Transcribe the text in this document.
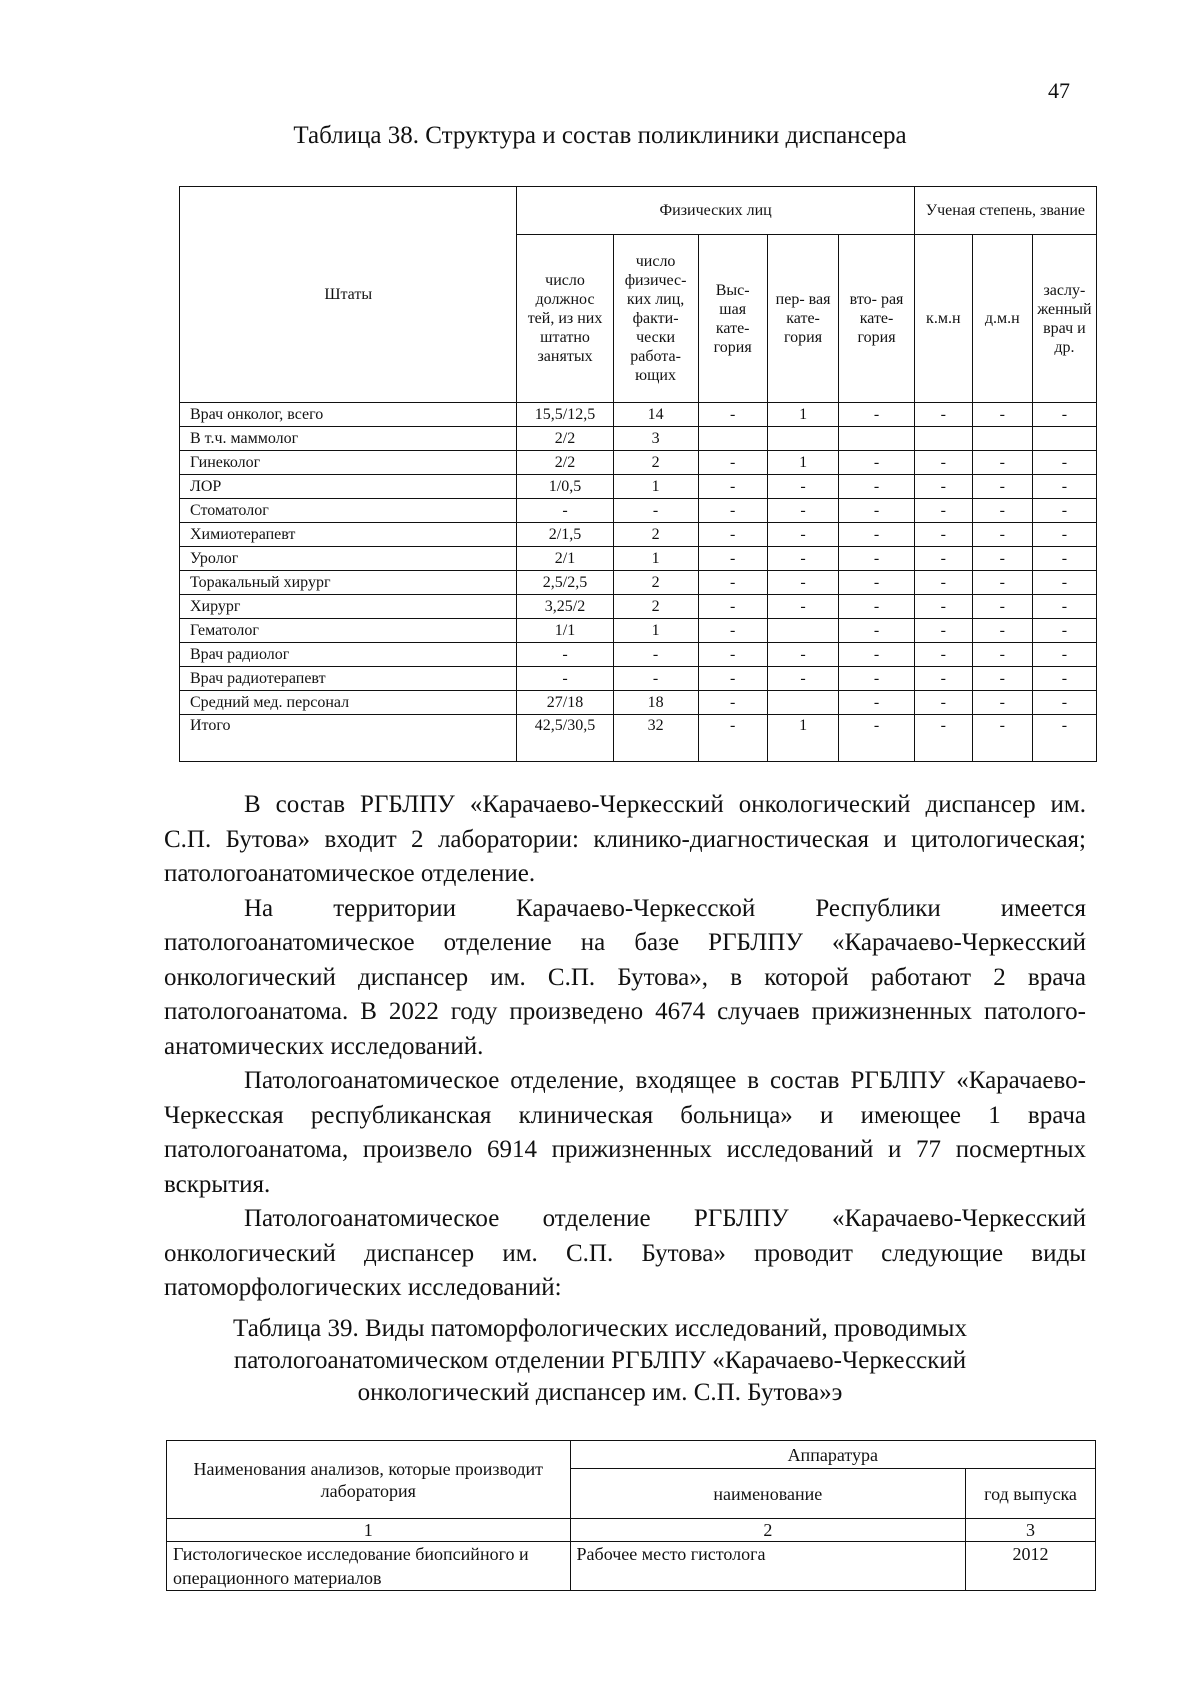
47
Таблица 38. Структура и состав поликлиники диспансера
Штаты	Физических лиц					Ученая степень, звание		
	число должнос тей, из них штатно занятых	число физичес- ких лиц, факти- чески работа- ющих	Выс- шая кате- гория	пер- вая кате- гория	вто- рая кате- гория	к.м.н	д.м.н	заслу- женный врач и др.
Врач онколог, всего	15,5/12,5	14	-	1	-	-	-	-
В т.ч. маммолог	2/2	3						
Гинеколог	2/2	2	-	1	-	-	-	-
ЛОР	1/0,5	1	-	-	-	-	-	-
Стоматолог	-	-	-	-	-	-	-	-
Химиотерапевт	2/1,5	2	-	-	-	-	-	-
Уролог	2/1	1	-	-	-	-	-	-
Торакальный хирург	2,5/2,5	2	-	-	-	-	-	-
Хирург	3,25/2	2	-	-	-	-	-	-
Гематолог	1/1	1	-		-	-	-	-
Врач радиолог	-	-	-	-	-	-	-	-
Врач радиотерапевт	-	-	-	-	-	-	-	-
Средний мед. персонал	27/18	18	-		-	-	-	-
Итого	42,5/30,5	32	-	1	-	-	-	-

В состав РГБЛПУ «Карачаево-Черкесский онкологический диспансер им. С.П. Бутова» входит 2 лаборатории: клинико-диагностическая и цитологическая; патологоанатомическое отделение.

На территории Карачаево-Черкесской Республики имеется патологоанатомическое отделение на базе РГБЛПУ «Карачаево-Черкесский онкологический диспансер им. С.П. Бутова», в которой работают 2 врача патологоанатома. В 2022 году произведено 4674 случаев прижизненных патолого-анатомических исследований.

Патологоанатомическое отделение, входящее в состав РГБЛПУ «Карачаево-Черкесская республиканская клиническая больница» и имеющее 1 врача патологоанатома, произвело 6914 прижизненных исследований и 77 посмертных вскрытия.

Патологоанатомическое отделение РГБЛПУ «Карачаево-Черкесский онкологический диспансер им. С.П. Бутова» проводит следующие виды патоморфологических исследований:

Таблица 39. Виды патоморфологических исследований, проводимых
патологоанатомическом отделении РГБЛПУ «Карачаево-Черкесский
онкологический диспансер им. С.П. Бутова»э
Наименования анализов, которые производит лаборатория	Аппаратура	
	наименование	год выпуска
1	2	3
Гистологическое исследование биопсийного и операционного материалов	Рабочее место гистолога	2012
